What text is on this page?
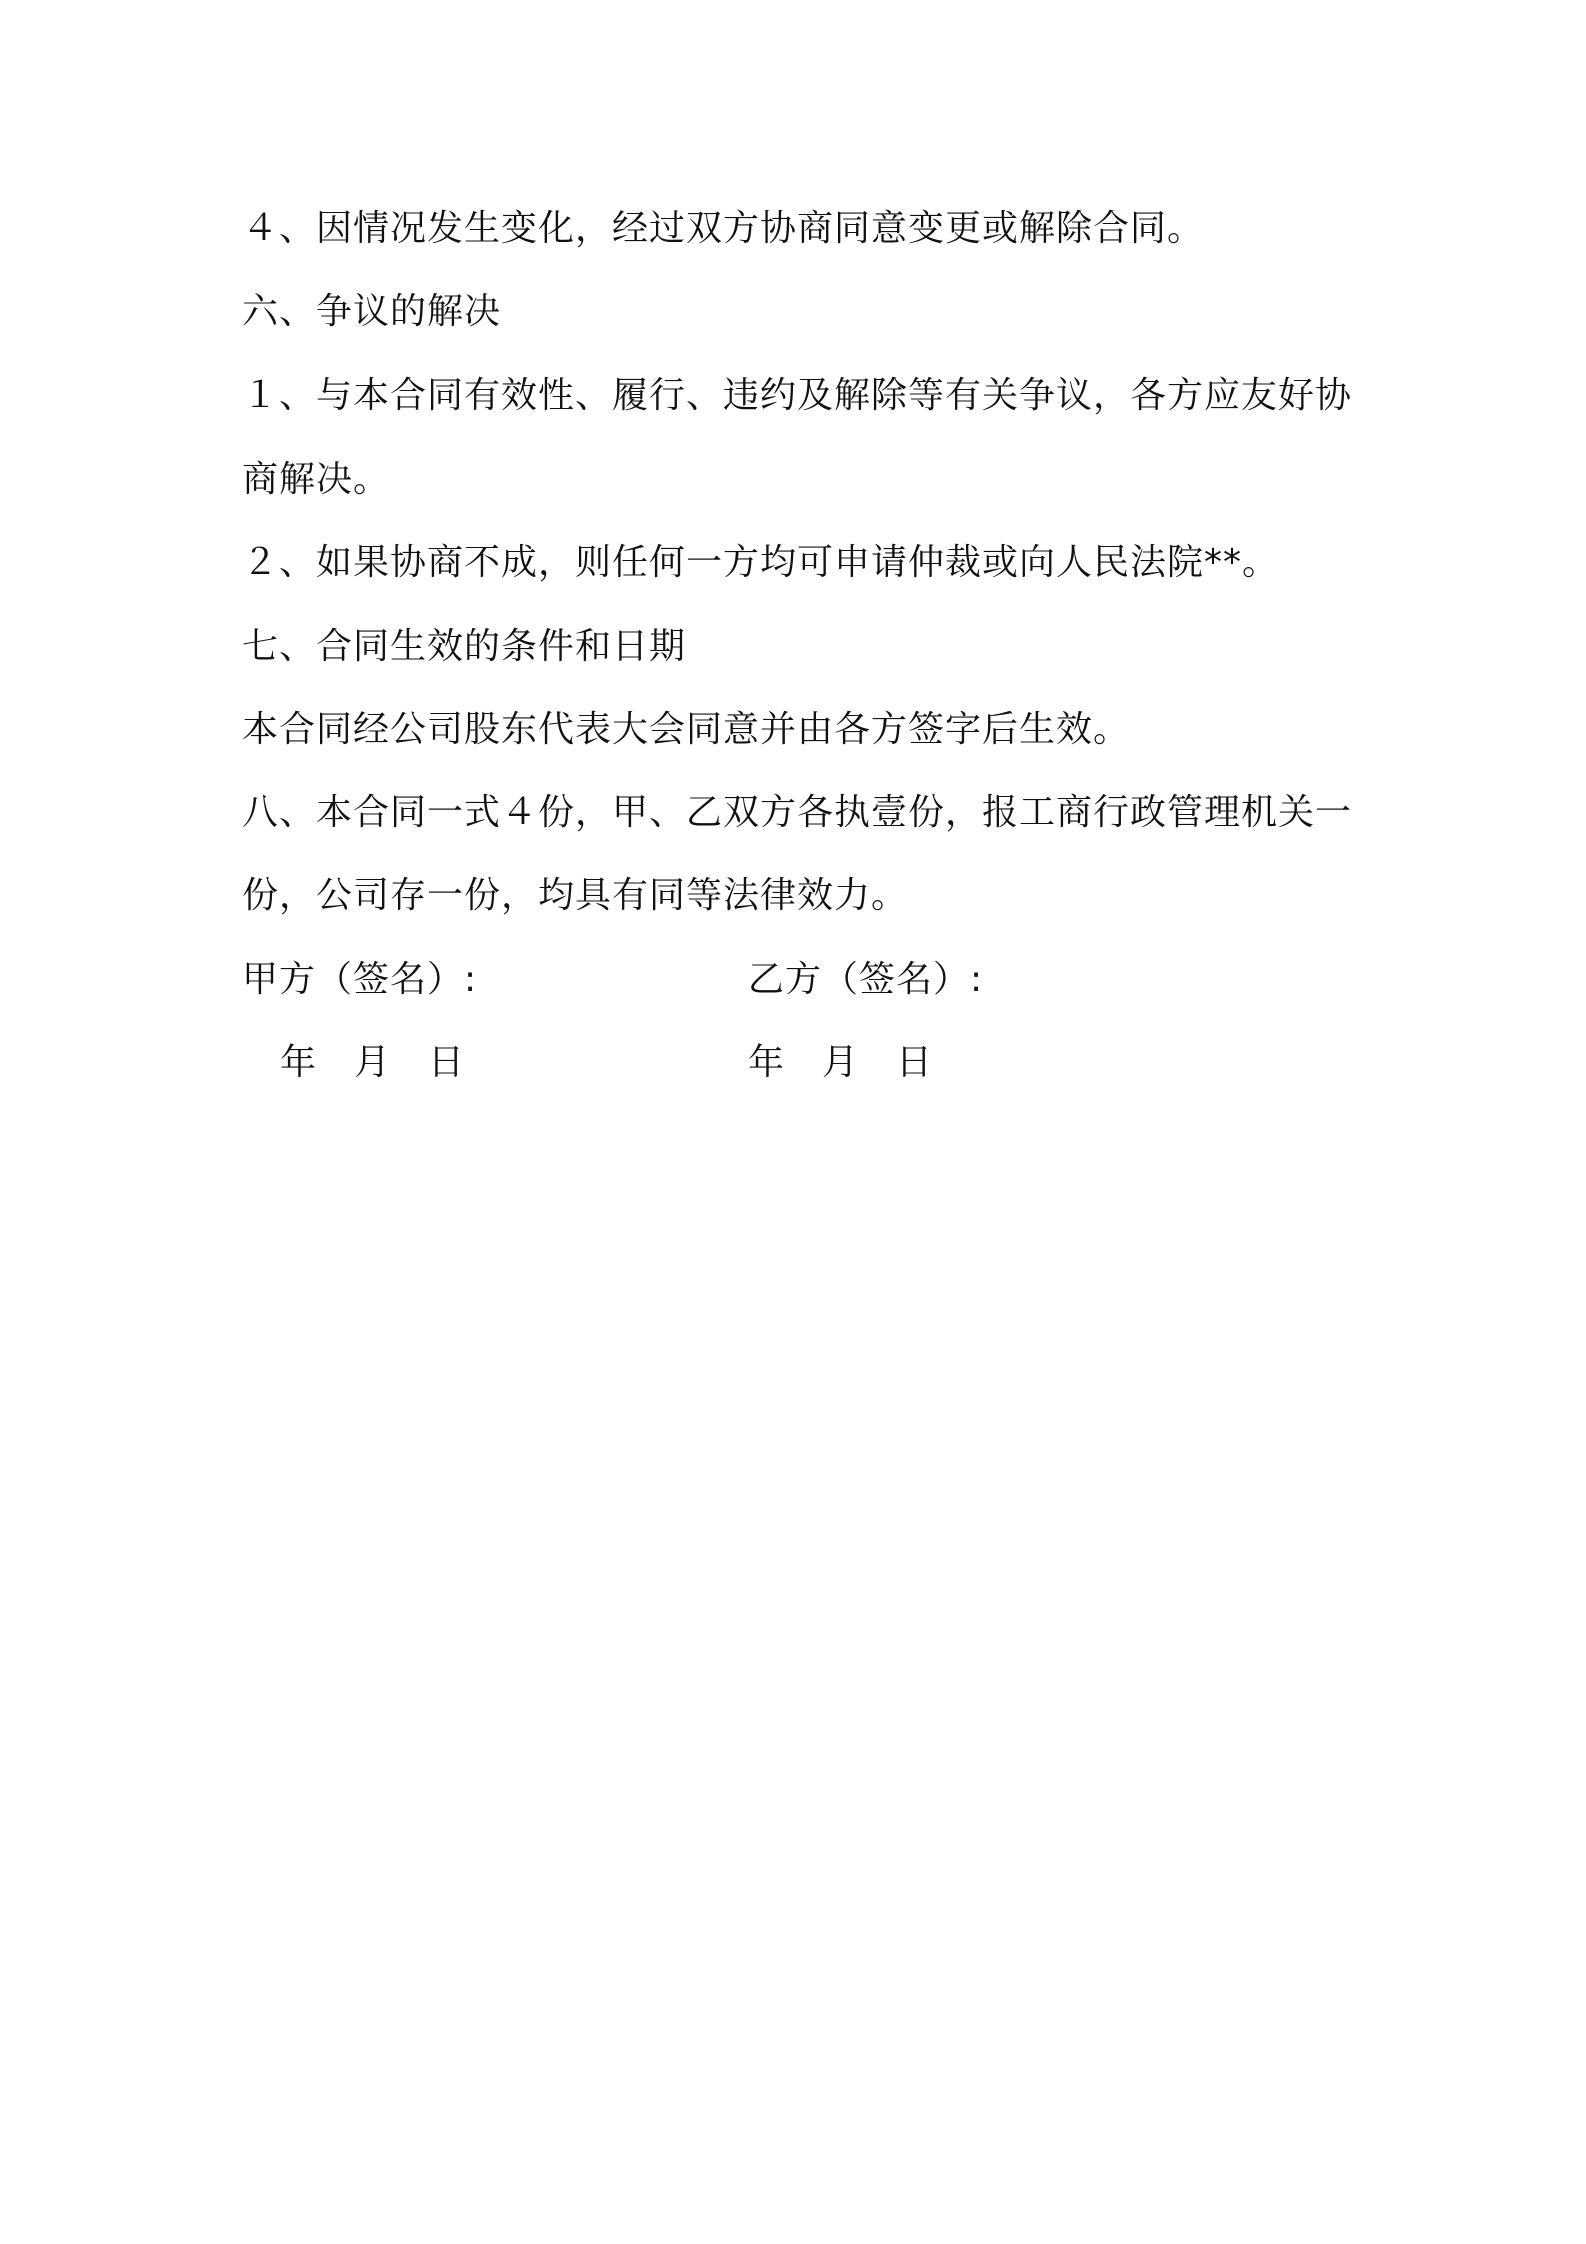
４、因情况发生变化，经过双方协商同意变更或解除合同。
六、争议的解决
１、与本合同有效性、履行、违约及解除等有关争议，各方应友好协
商解决。
２、如果协商不成，则任何一方均可申请仲裁或向人民法院**。
七、合同生效的条件和日期
本合同经公司股东代表大会同意并由各方签字后生效。
八、本合同一式４份，甲、乙双方各执壹份，报工商行政管理机关一
份，公司存一份，均具有同等法律效力。
甲方（签名）:	乙方（签名）:
年　月　日	年　月　日
